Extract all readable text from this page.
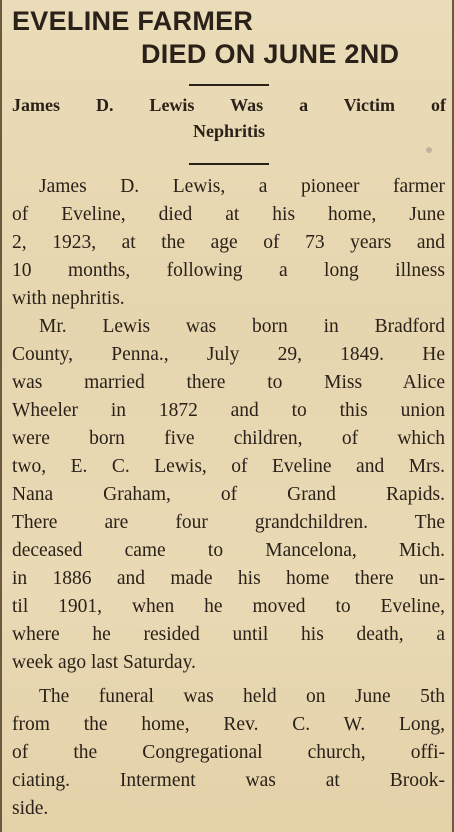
EVELINE FARMER
DIED ON JUNE 2ND
James D. Lewis Was a Victim of
Nephritis

James D. Lewis, a pioneer farmer

of Eveline, died at his home, June

2, 1923, at the age of 73 years and

10 months, following a long illness

with nephritis.

Mr. Lewis was born in Bradford

County, Penna., July 29, 1849. He

was married there to Miss Alice

Wheeler in 1872 and to this union

were born five children, of which

two, E. C. Lewis, of Eveline and Mrs.

Nana Graham, of Grand Rapids.

There are four grandchildren. The

deceased came to Mancelona, Mich.

in 1886 and made his home there un-

til 1901, when he moved to Eveline,

where he resided until his death, a

week ago last Saturday.

The funeral was held on June 5th

from the home, Rev. C. W. Long,

of the Congregational church, offi-

ciating. Interment was at Brook-

side.
